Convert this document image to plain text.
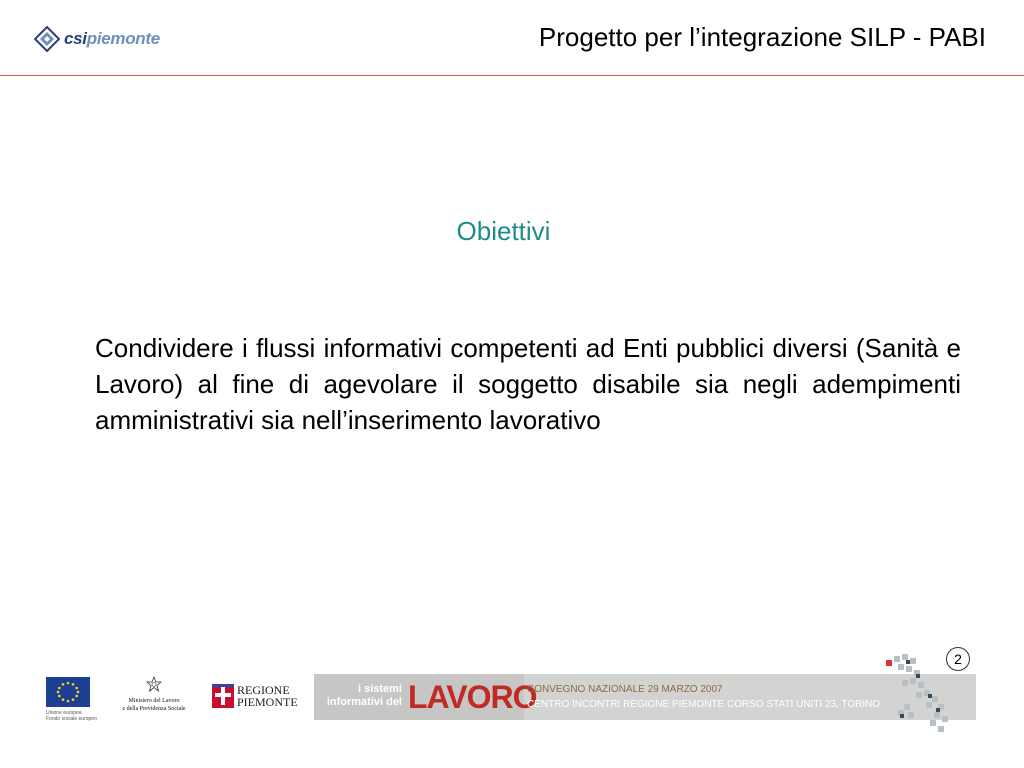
csipiemonte	Progetto per l’integrazione SILP - PABI
Obiettivi
Condividere i flussi informativi competenti ad Enti pubblici diversi (Sanità e Lavoro) al fine di agevolare il soggetto disabile sia negli adempimenti amministrativi sia nell’inserimento lavorativo
2
Unione europea
Fondo sociale europeo
Ministero del Lavoro
e della Previdenza Sociale
REGIONE
PIEMONTE
i sistemi
informativi del LAVORO
CONVEGNO NAZIONALE 29 MARZO 2007
CENTRO INCONTRI REGIONE PIEMONTE CORSO STATI UNITI 23, TORINO
